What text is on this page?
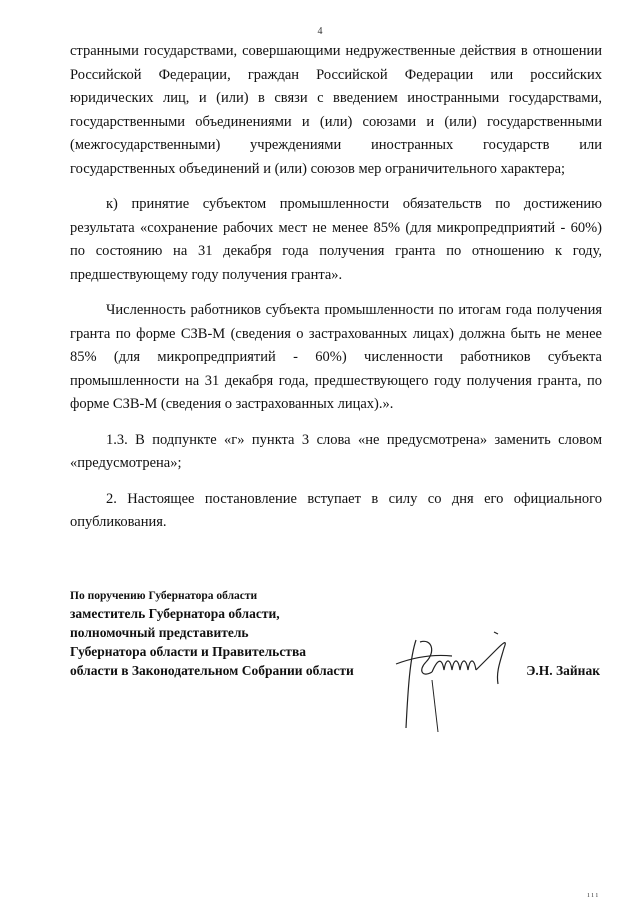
4

странными государствами, совершающими недружественные действия в отношении Российской Федерации, граждан Российской Федерации или российских юридических лиц, и (или) в связи с введением иностранными государствами, государственными объединениями и (или) союзами и (или) государственными (межгосударственными) учреждениями иностранных государств или государственных объединений и (или) союзов мер ограничительного характера;

к) принятие субъектом промышленности обязательств по достижению результата «сохранение рабочих мест не менее 85% (для микропредприятий - 60%) по состоянию на 31 декабря года получения гранта по отношению к году, предшествующему году получения гранта».

Численность работников субъекта промышленности по итогам года получения гранта по форме СЗВ-М (сведения о застрахованных лицах) должна быть не менее 85% (для микропредприятий - 60%) численности работников субъекта промышленности на 31 декабря года, предшествующего году получения гранта, по форме СЗВ-М (сведения о застрахованных лицах).».

1.3. В подпункте «г» пункта 3 слова «не предусмотрена» заменить словом «предусмотрена»;

2. Настоящее постановление вступает в силу со дня его официального опубликования.

По поручению Губернатора области
заместитель Губернатора области,
полномочный представитель
Губернатора области и Правительства
области в Законодательном Собрании области	Э.Н. Зайнак
ııı
